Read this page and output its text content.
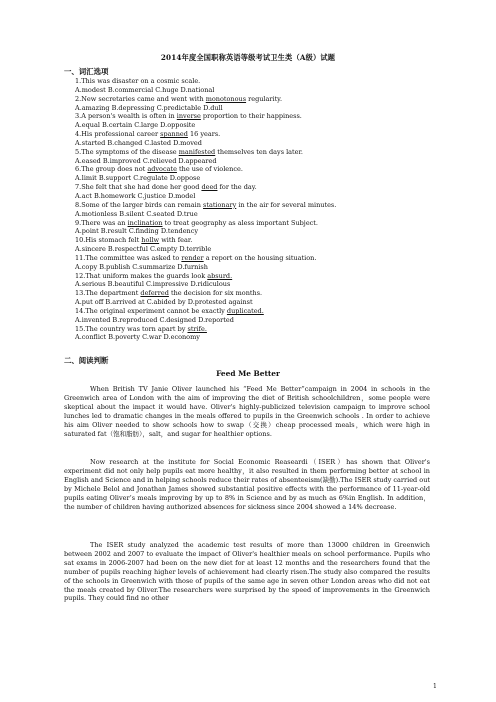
2014年度全国职称英语等级考试卫生类（A级）试题
一、词汇选项
1.This was disaster on a cosmic scale.
A.modest B.commercial C.huge D.national
2.New secretaries came and went with monotonous regularity.
A.amazing B.depressing C.predictable D.dull
3.A person's wealth is often in inverse proportion to their happiness.
A.equal B.certain C.large D.opposite
4.His professional career spanned 16 years.
A.started B.changed C.lasted D.moved
5.The symptoms of the disease manifested themselves ten days later.
A.eased B.improved C.relieved D.appeared
6.The group does not advocate the use of violence.
A.limit B.support C.regulate D.oppose
7.She felt that she had done her good deed for the day.
A.act B.homework C.justice D.model
8.Some of the larger birds can remain stationary in the air for several minutes.
A.motionless B.silent C.seated D.true
9.There was an inclination to treat geography as aless important Subject.
A.point B.result C.finding D.tendency
10.His stomach felt hollw with fear.
A.sincere B.respectful C.empty D.terrible
11.The committee was asked to render a report on the housing situation.
A.copy B.publish C.summarize D.furnish
12.That uniform makes the guards look absurd.
A.serious B.beautiful C.impressive D.ridiculous
13.The department deferred the decision for six months.
A.put off B.arrived at C.abided by D.protested against
14.The original experiment cannot be exactly duplicated.
A.invented B.reproduced C.designed D.reported
15.The country was torn apart by strife.
A.conflict B.poverty C.war D.economy
二、阅读判断
Feed Me Better

When British TV Janie Oliver launched his “Feed Me Better”campaign in 2004 in schools in the Greenwich area of London with the aim of improving the diet of British schoolchildren，some people were skeptical about the impact it would have. Oliver's highly-publicized television campaign to improve school lunches led to dramatic changes in the meals offered to pupils in the Greenwich schools . In order to achieve his aim Oliver needed to show schools how to swap（交换）cheap processed meals，which were high in saturated fat（饱和脂肪），salt，and sugar for healthier options.

Now research at the institute for Social Economic Reaseardi（ISER）has shown that Oliver's experiment did not only help pupils eat more healthy，it also resulted in them performing better at school in English and Science and in helping schools reduce their rates of absenteeism(缺勤).The ISER study carried out by Michele Belol and Jonathan James showed substantial positive effects with the performance of 11-year-old pupils eating Oliver’s meals improving by up to 8% in Science and by as much as 6%in English. In addition，the number of children having authorized absences for sickness since 2004 showed a 14% decrease.

The ISER study analyzed the academic test results of more than 13000 children in Greenwich between 2002 and 2007 to evaluate the impact of Oliver's healthier meals on school performance. Pupils who sat exams in 2006-2007 had been on the new diet for at least 12 months and the researchers found that the number of pupils reaching higher levels of achievement had clearly risen.The study also compared the results of the schools in Greenwich with those of pupils of the same age in seven other London areas who did not eat the meals created by Oliver.The researchers were surprised by the speed of improvements in the Greenwich pupils. They could find no other

1
